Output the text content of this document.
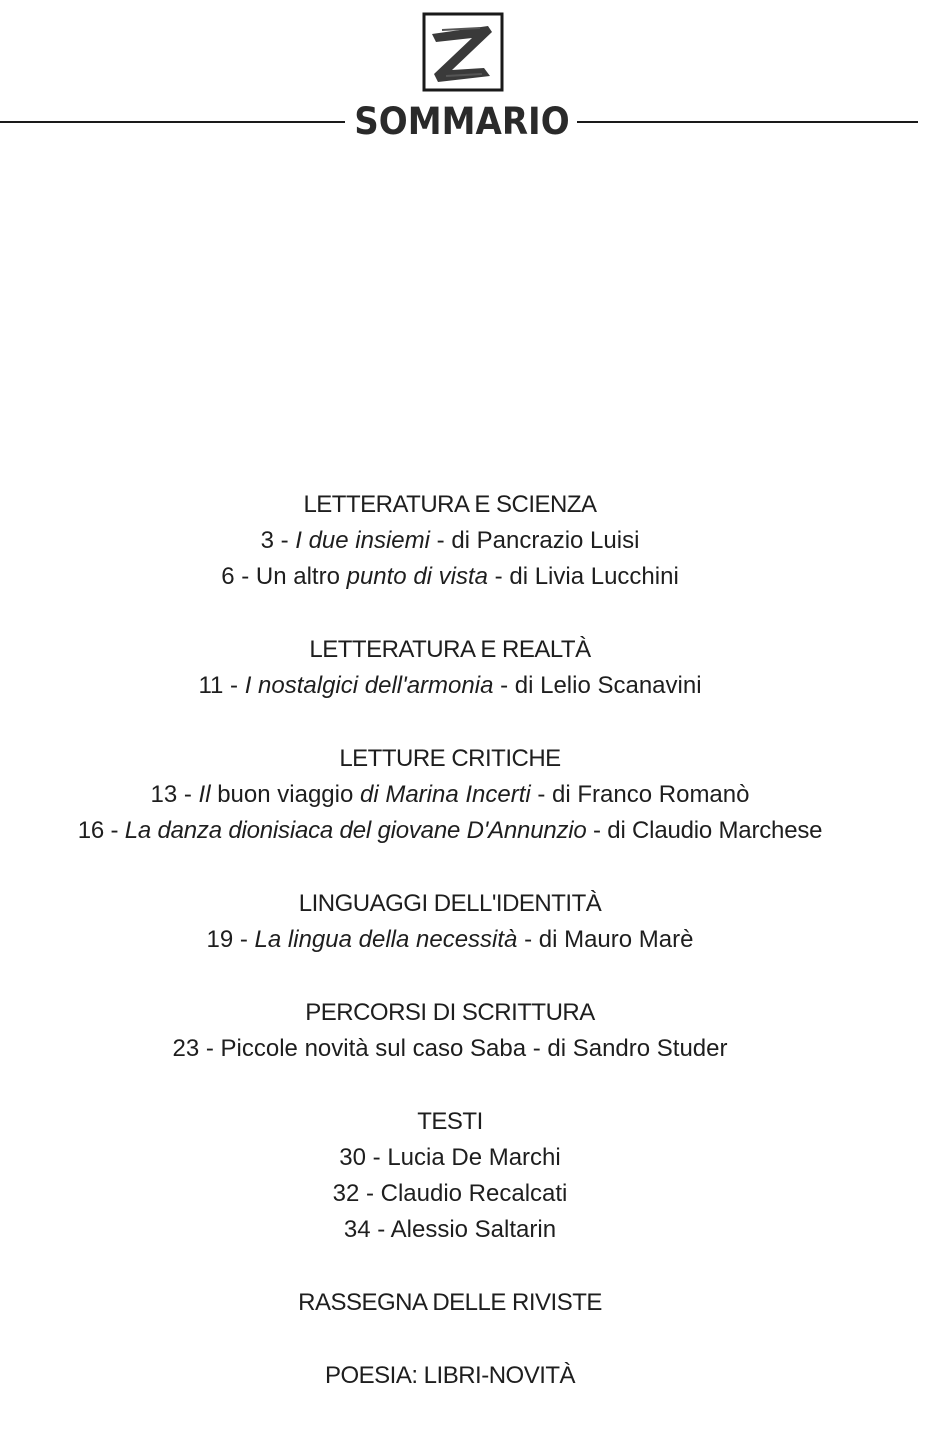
SOMMARIO
LETTERATURA E SCIENZA
3 - I due insiemi - di Pancrazio Luisi
6 - Un altro punto di vista - di Livia Lucchini
LETTERATURA E REALTÀ
11 - I nostalgici dell'armonia - di Lelio Scanavini
LETTURE CRITICHE
13 - Il buon viaggio di Marina Incerti - di Franco Romanò
16 - La danza dionisiaca del giovane D'Annunzio - di Claudio Marchese
LINGUAGGI DELL'IDENTITÀ
19 - La lingua della necessità - di Mauro Marè
PERCORSI DI SCRITTURA
23 - Piccole novità sul caso Saba - di Sandro Studer
TESTI
30 - Lucia De Marchi
32 - Claudio Recalcati
34 - Alessio Saltarin
RASSEGNA DELLE RIVISTE
POESIA: LIBRI-NOVITÀ
